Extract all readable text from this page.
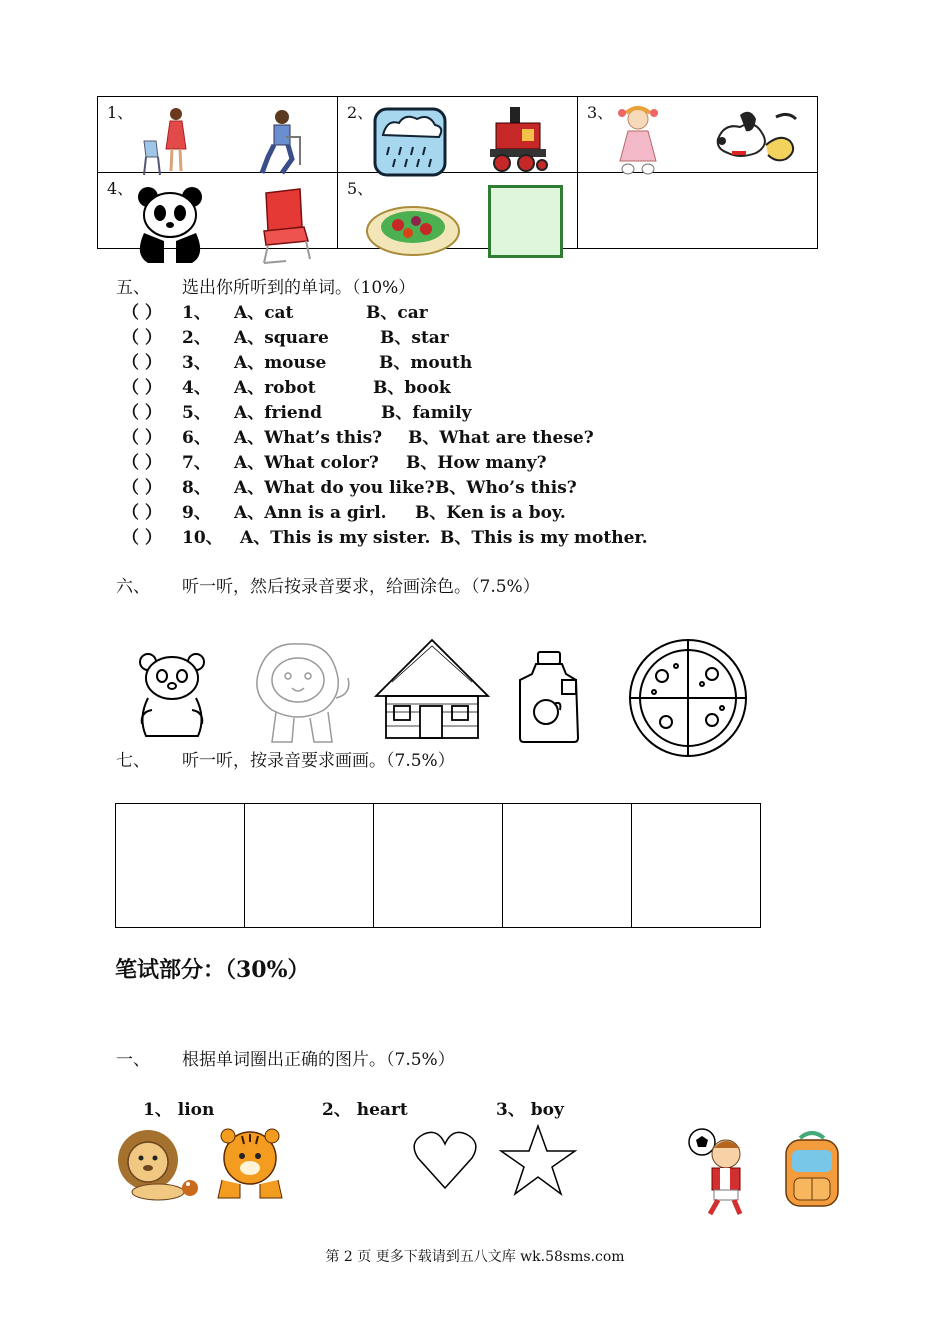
1、	2、	3、

4、	5、	

五、 选出你所听到的单词。（10%）
（ ） 1、 A、cat	B、car
（ ） 2、 A、square	B、star
（ ） 3、 A、mouse	B、mouth
（ ） 4、 A、robot	B、book
（ ） 5、 A、friend	B、family
（ ） 6、 A、What’s this? B、What are these?
（ ） 7、 A、What color? B、How many?
（ ） 8、 A、What do you like? B、Who’s this?
（ ） 9、 A、Ann is a girl. B、Ken is a boy.
（ ） 10、 A、This is my sister. B、This is my mother.
六、 听一听，然后按录音要求，给画涂色。（7.5%）
七、 听一听，按录音要求画画。（7.5%）

笔试部分：（30%）
一、 根据单词圈出正确的图片。（7.5%）
1、 lion	2、 heart	3、 boy
第 2 页 更多下载请到五八文库 wk.58sms.com
